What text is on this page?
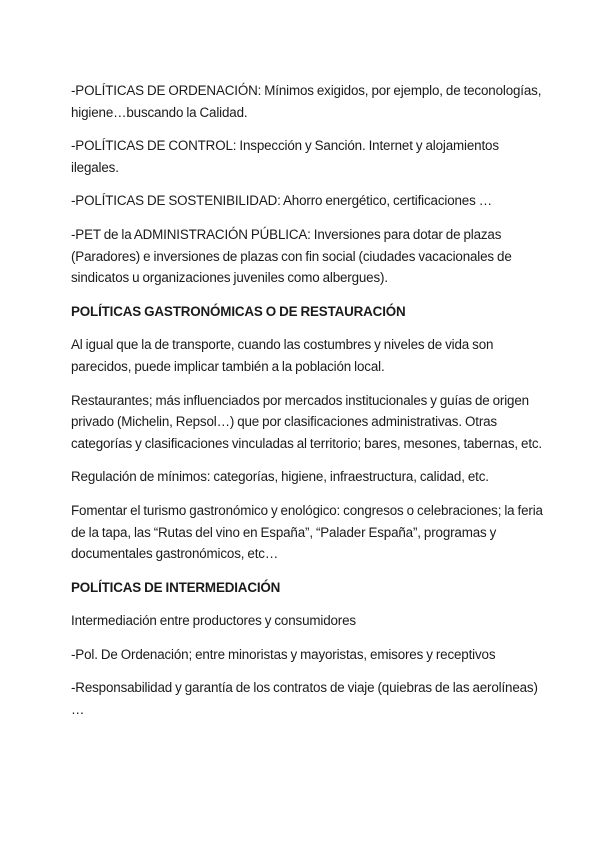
-POLÍTICAS DE ORDENACIÓN: Mínimos exigidos, por ejemplo, de teconologías, higiene…buscando la Calidad.

-POLÍTICAS DE CONTROL: Inspección y Sanción. Internet y alojamientos ilegales.

-POLÍTICAS DE SOSTENIBILIDAD: Ahorro energético, certificaciones …

-PET de la ADMINISTRACIÓN PÚBLICA: Inversiones para dotar de plazas (Paradores) e inversiones de plazas con fin social (ciudades vacacionales de sindicatos u organizaciones juveniles como albergues).

POLÍTICAS GASTRONÓMICAS O DE RESTAURACIÓN

Al igual que la de transporte, cuando las costumbres y niveles de vida son parecidos, puede implicar también a la población local.

Restaurantes; más influenciados por mercados institucionales y guías de origen privado (Michelin, Repsol…) que por clasificaciones administrativas. Otras categorías y clasificaciones vinculadas al territorio; bares, mesones, tabernas, etc.

Regulación de mínimos: categorías, higiene, infraestructura, calidad, etc.

Fomentar el turismo gastronómico y enológico: congresos o celebraciones; la feria de la tapa, las “Rutas del vino en España”, “Palader España”, programas y documentales gastronómicos, etc…

POLÍTICAS DE INTERMEDIACIÓN

Intermediación entre productores y consumidores

-Pol. De Ordenación; entre minoristas y mayoristas, emisores y receptivos

-Responsabilidad y garantía de los contratos de viaje (quiebras de las aerolíneas) …
